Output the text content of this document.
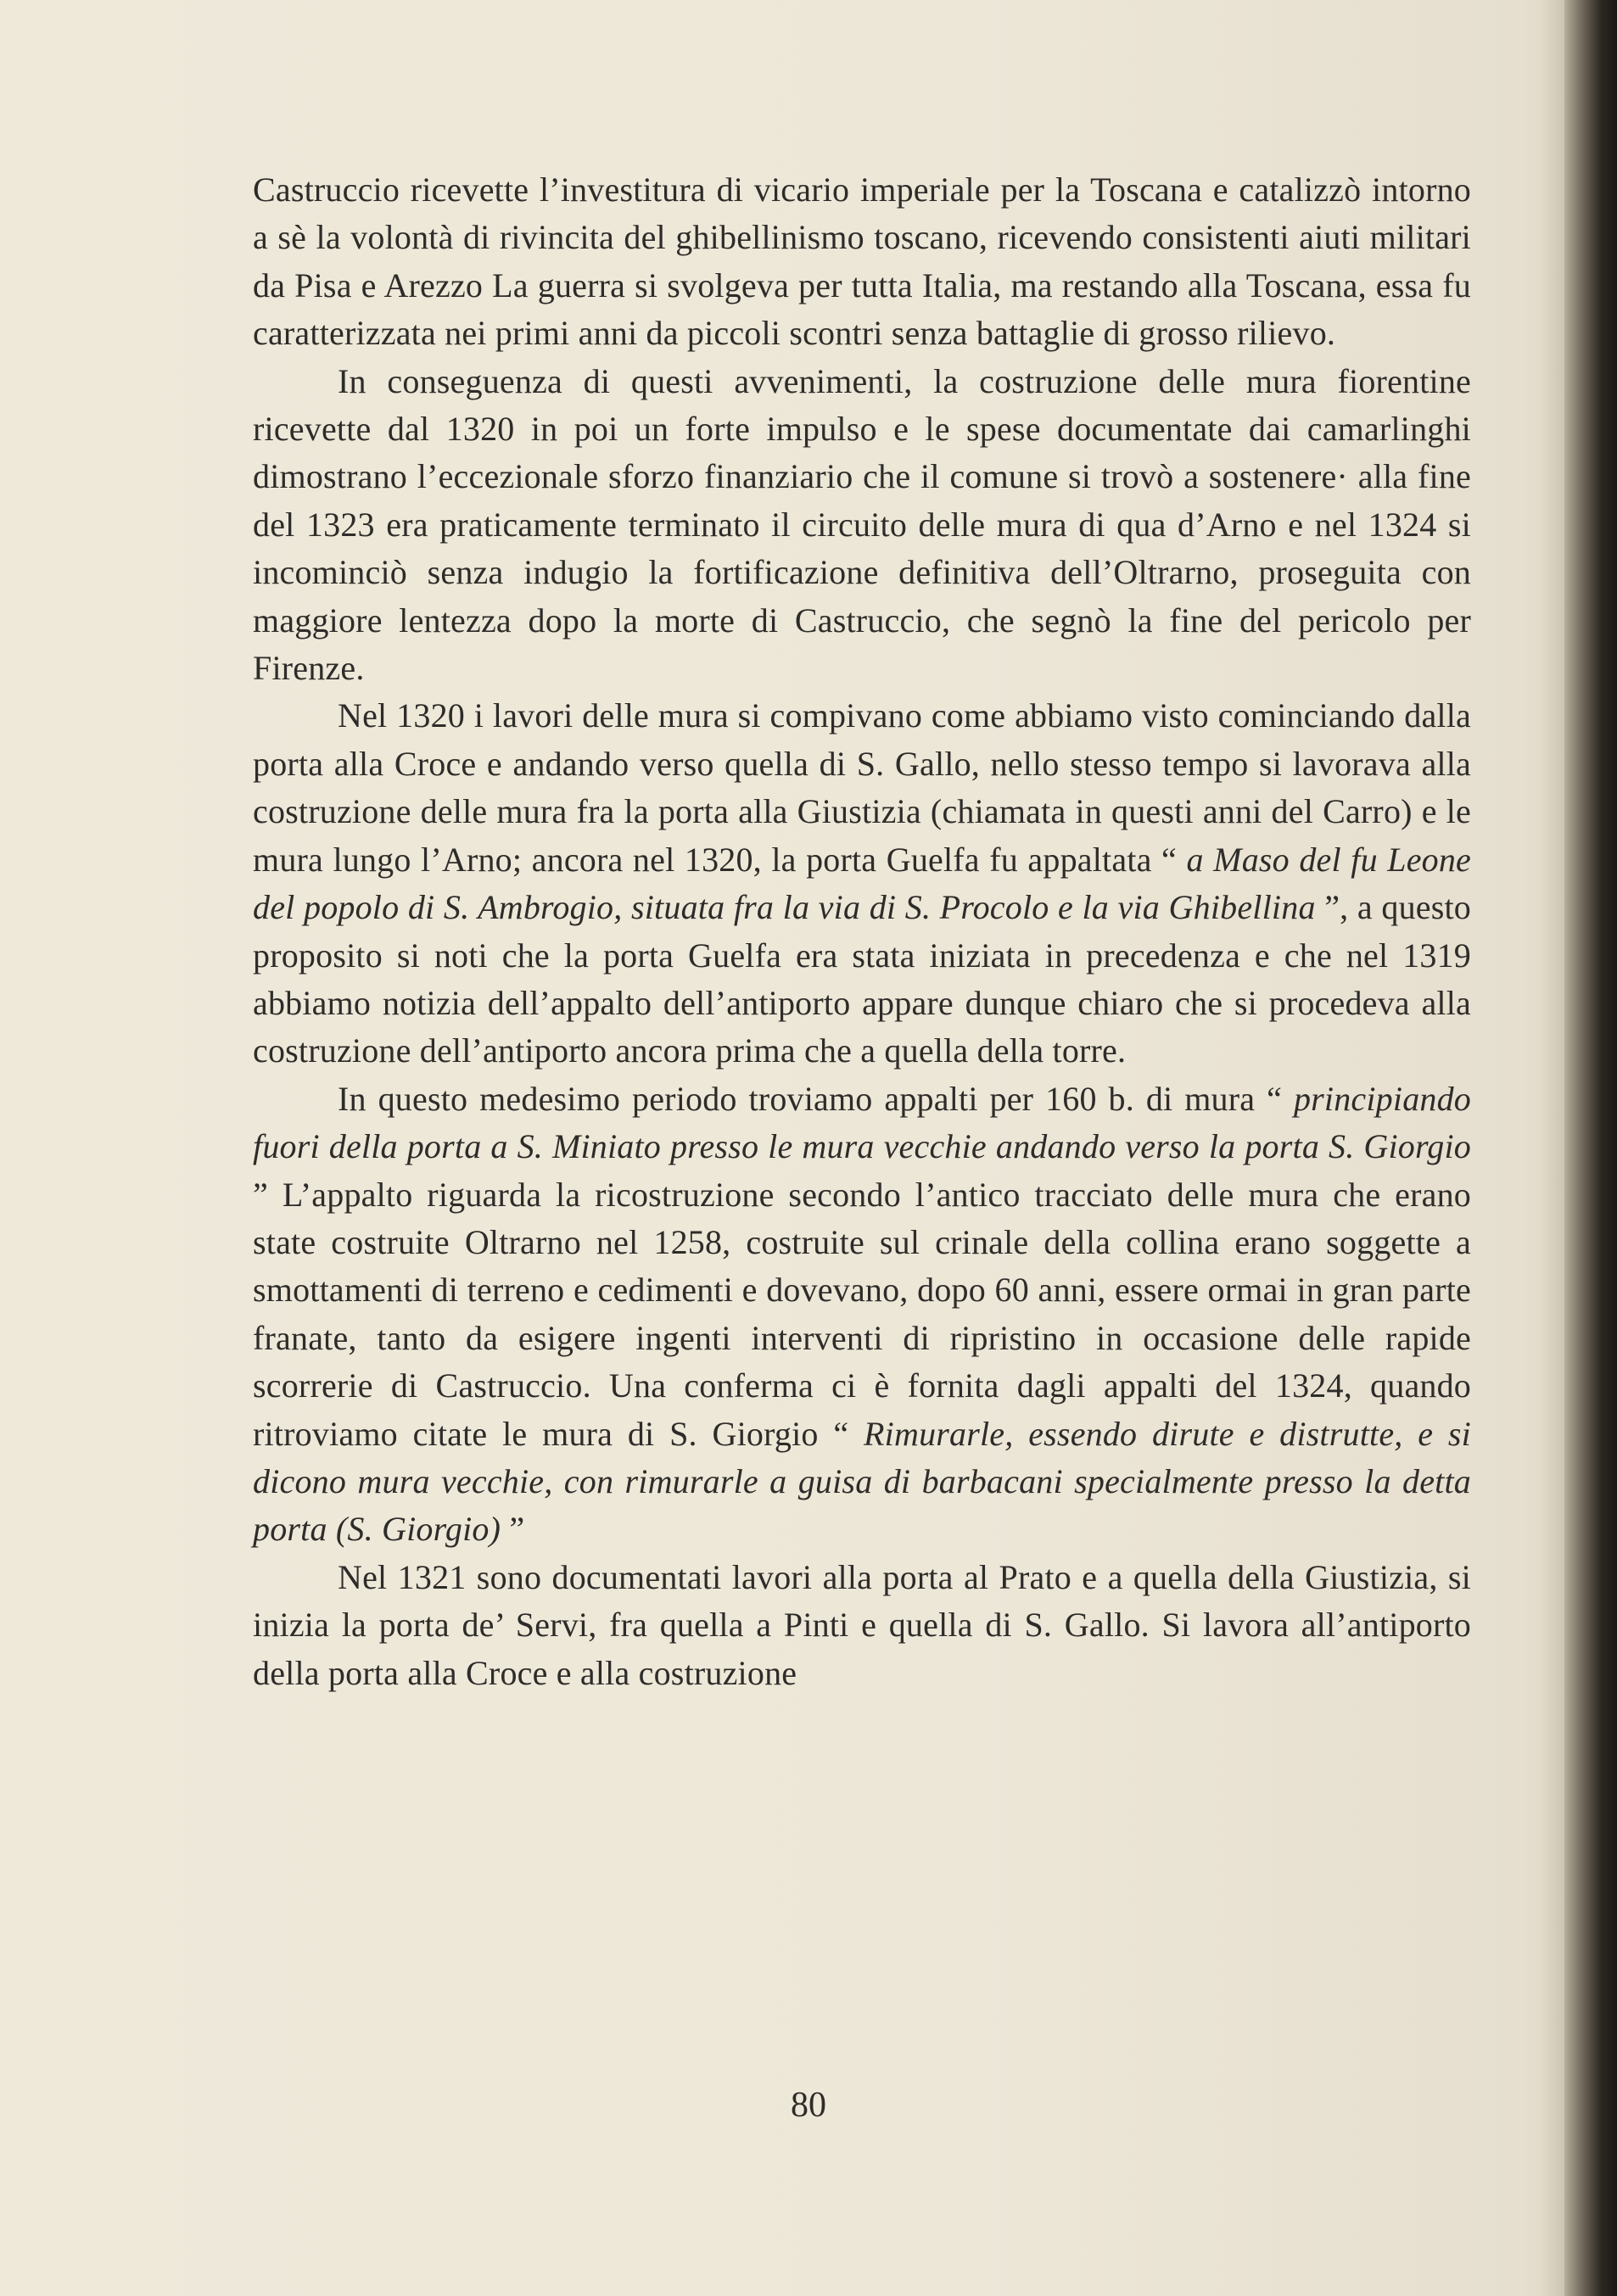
Castruccio ricevette l’investitura di vicario imperiale per la Toscana e catalizzò intorno a sè la volontà di rivincita del ghibellinismo toscano, ricevendo consistenti aiuti militari da Pisa e Arezzo La guerra si svolgeva per tutta Italia, ma restando alla Toscana, essa fu caratterizzata nei primi anni da piccoli scontri senza battaglie di grosso rilievo.

In conseguenza di questi avvenimenti, la costruzione delle mura fiorentine ricevette dal 1320 in poi un forte impulso e le spese documentate dai camarlinghi dimostrano l’eccezionale sforzo finanziario che il comune si trovò a sostenere· alla fine del 1323 era praticamente terminato il circuito delle mura di qua d’Arno e nel 1324 si incominciò senza indugio la fortificazione definitiva dell’Oltrarno, proseguita con maggiore lentezza dopo la morte di Castruccio, che segnò la fine del pericolo per Firenze.

Nel 1320 i lavori delle mura si compivano come abbiamo visto cominciando dalla porta alla Croce e andando verso quella di S. Gallo, nello stesso tempo si lavorava alla costruzione delle mura fra la porta alla Giustizia (chiamata in questi anni del Carro) e le mura lungo l’Arno; ancora nel 1320, la porta Guelfa fu appaltata “ a Maso del fu Leone del popolo di S. Ambrogio, situata fra la via di S. Procolo e la via Ghibellina ”, a questo proposito si noti che la porta Guelfa era stata iniziata in precedenza e che nel 1319 abbiamo notizia dell’appalto dell’antiporto appare dunque chiaro che si procedeva alla costruzione dell’antiporto ancora prima che a quella della torre.

In questo medesimo periodo troviamo appalti per 160 b. di mura “ principiando fuori della porta a S. Miniato presso le mura vecchie andando verso la porta S. Giorgio ” L’appalto riguarda la ricostruzione secondo l’antico tracciato delle mura che erano state costruite Oltrarno nel 1258, costruite sul crinale della collina erano soggette a smottamenti di terreno e cedimenti e dovevano, dopo 60 anni, essere ormai in gran parte franate, tanto da esigere ingenti interventi di ripristino in occasione delle rapide scorrerie di Castruccio. Una conferma ci è fornita dagli appalti del 1324, quando ritroviamo citate le mura di S. Giorgio “ Rimurarle, essendo dirute e distrutte, e si dicono mura vecchie, con rimurarle a guisa di barbacani specialmente presso la detta porta (S. Giorgio) ”

Nel 1321 sono documentati lavori alla porta al Prato e a quella della Giustizia, si inizia la porta de’ Servi, fra quella a Pinti e quella di S. Gallo. Si lavora all’antiporto della porta alla Croce e alla costruzione

80
